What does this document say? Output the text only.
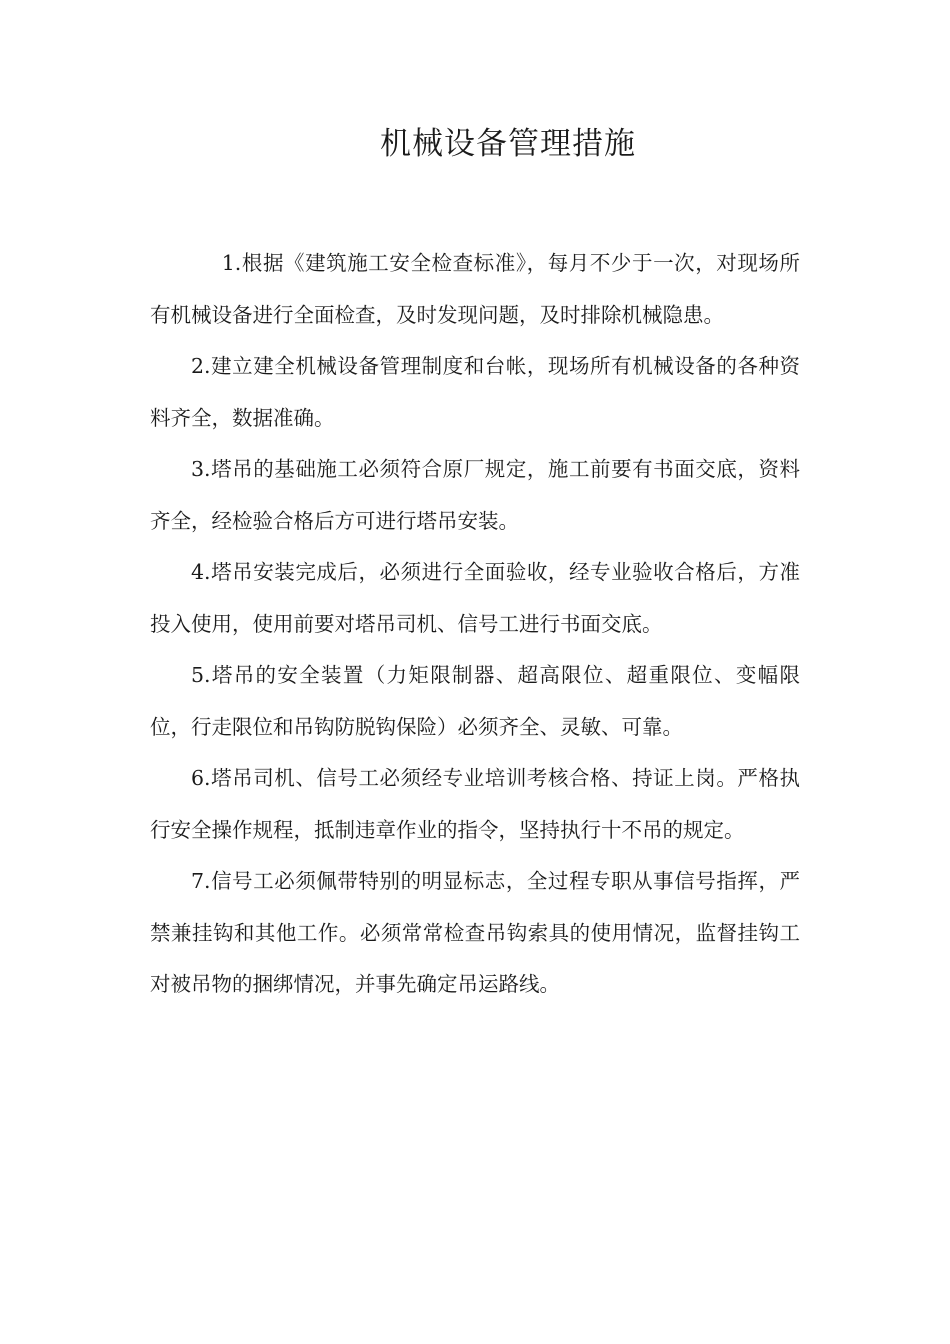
机械设备管理措施

1.根据《建筑施工安全检查标准》，每月不少于一次，对现场所有机械设备进行全面检查，及时发现问题，及时排除机械隐患。

2.建立建全机械设备管理制度和台帐，现场所有机械设备的各种资料齐全，数据准确。

3.塔吊的基础施工必须符合原厂规定，施工前要有书面交底，资料齐全，经检验合格后方可进行塔吊安装。

4.塔吊安装完成后，必须进行全面验收，经专业验收合格后，方准投入使用，使用前要对塔吊司机、信号工进行书面交底。

5.塔吊的安全装置（力矩限制器、超高限位、超重限位、变幅限位，行走限位和吊钩防脱钩保险）必须齐全、灵敏、可靠。

6.塔吊司机、信号工必须经专业培训考核合格、持证上岗。严格执行安全操作规程，抵制违章作业的指令，坚持执行十不吊的规定。

7.信号工必须佩带特别的明显标志，全过程专职从事信号指挥，严禁兼挂钩和其他工作。必须常常检查吊钩索具的使用情况，监督挂钩工对被吊物的捆绑情况，并事先确定吊运路线。
